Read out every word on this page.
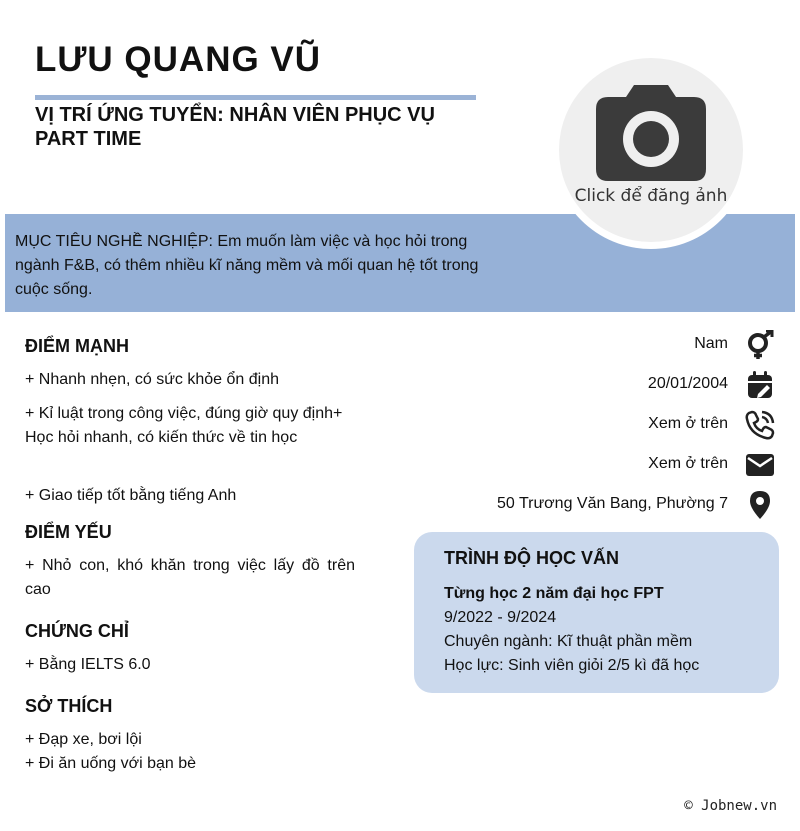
LƯU QUANG VŨ
VỊ TRÍ ỨNG TUYỂN: NHÂN VIÊN PHỤC VỤ
PART TIME
MỤC TIÊU NGHỀ NGHIỆP: Em muốn làm việc và học hỏi trong ngành F&B, có thêm nhiều kĩ năng mềm và mối quan hệ tốt trong cuộc sống.
Click để đăng ảnh
ĐIỂM MẠNH
+ Nhanh nhẹn, có sức khỏe ổn định
+ Kỉ luật trong công việc, đúng giờ quy định+ Học hỏi nhanh, có kiến thức về tin học
+ Giao tiếp tốt bằng tiếng Anh
ĐIỂM YẾU
+ Nhỏ con, khó khăn trong việc lấy đồ trên cao
CHỨNG CHỈ
+ Bằng IELTS 6.0
SỞ THÍCH
+ Đạp xe, bơi lội
+ Đi ăn uống với bạn bè
Nam
20/01/2004
Xem ở trên
Xem ở trên
50 Trương Văn Bang, Phường 7
TRÌNH ĐỘ HỌC VẤN
Từng học 2 năm đại học FPT
9/2022 - 9/2024
Chuyên ngành: Kĩ thuật phần mềm
Học lực: Sinh viên giỏi 2/5 kì đã học
© Jobnew.vn
